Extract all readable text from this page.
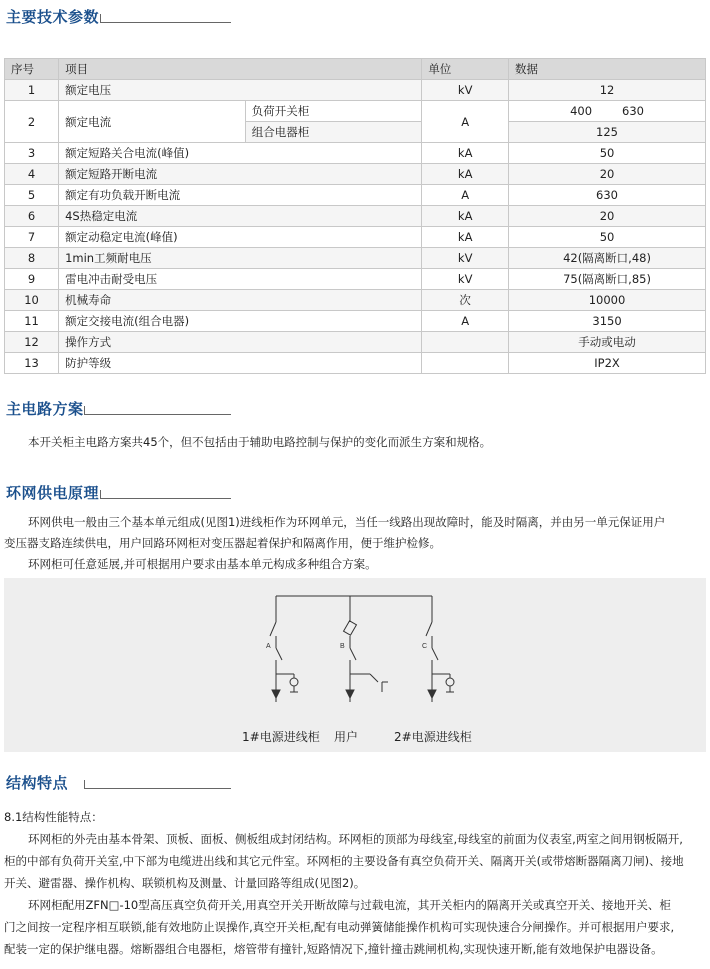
主要技术参数
序号	项目		单位	数据
1	额定电压		kV	12
2	额定电流	负荷开关柜	A	400 630
		组合电器柜		125
3	额定短路关合电流(峰值)		kA	50
4	额定短路开断电流		kA	20
5	额定有功负载开断电流		A	630
6	4S热稳定电流		kA	20
7	额定动稳定电流(峰值)		kA	50
8	1min工频耐电压		kV	42(隔离断口,48)
9	雷电冲击耐受电压		kV	75(隔离断口,85)
10	机械寿命		次	10000
11	额定交接电流(组合电器)		A	3150
12	操作方式			手动或电动
13	防护等级			IP2X
主电路方案
本开关柜主电路方案共45个，但不包括由于辅助电路控制与保护的变化而派生方案和规格。
环网供电原理
环网供电一般由三个基本单元组成(见图1)进线柜作为环网单元，当任一线路出现故障时，能及时隔离，并由另一单元保证用户
变压器支路连续供电，用户回路环网柜对变压器起着保护和隔离作用，便于维护检修。
环网柜可任意延展,并可根据用户要求由基本单元构成多种组合方案。
A	B	C
1#电源进线柜 用户	2#电源进线柜
结构特点
8.1结构性能特点：
环网柜的外壳由基本骨架、顶板、面板、侧板组成封闭结构。环网柜的顶部为母线室,母线室的前面为仪表室,两室之间用钢板隔开,
柜的中部有负荷开关室,中下部为电缆进出线和其它元件室。环网柜的主要设备有真空负荷开关、隔离开关(或带熔断器隔离刀闸)、接地
开关、避雷器、操作机构、联锁机构及测量、计量回路等组成(见图2)。
环网柜配用ZFN□-10型高压真空负荷开关,用真空开关开断故障与过载电流，其开关柜内的隔离开关或真空开关、接地开关、柜
门之间按一定程序相互联锁,能有效地防止误操作,真空开关柜,配有电动弹簧储能操作机构可实现快速合分闸操作。并可根据用户要求,
配装一定的保护继电器。熔断器组合电器柜，熔管带有撞针,短路情况下,撞针撞击跳闸机构,实现快速开断,能有效地保护电器设备。
